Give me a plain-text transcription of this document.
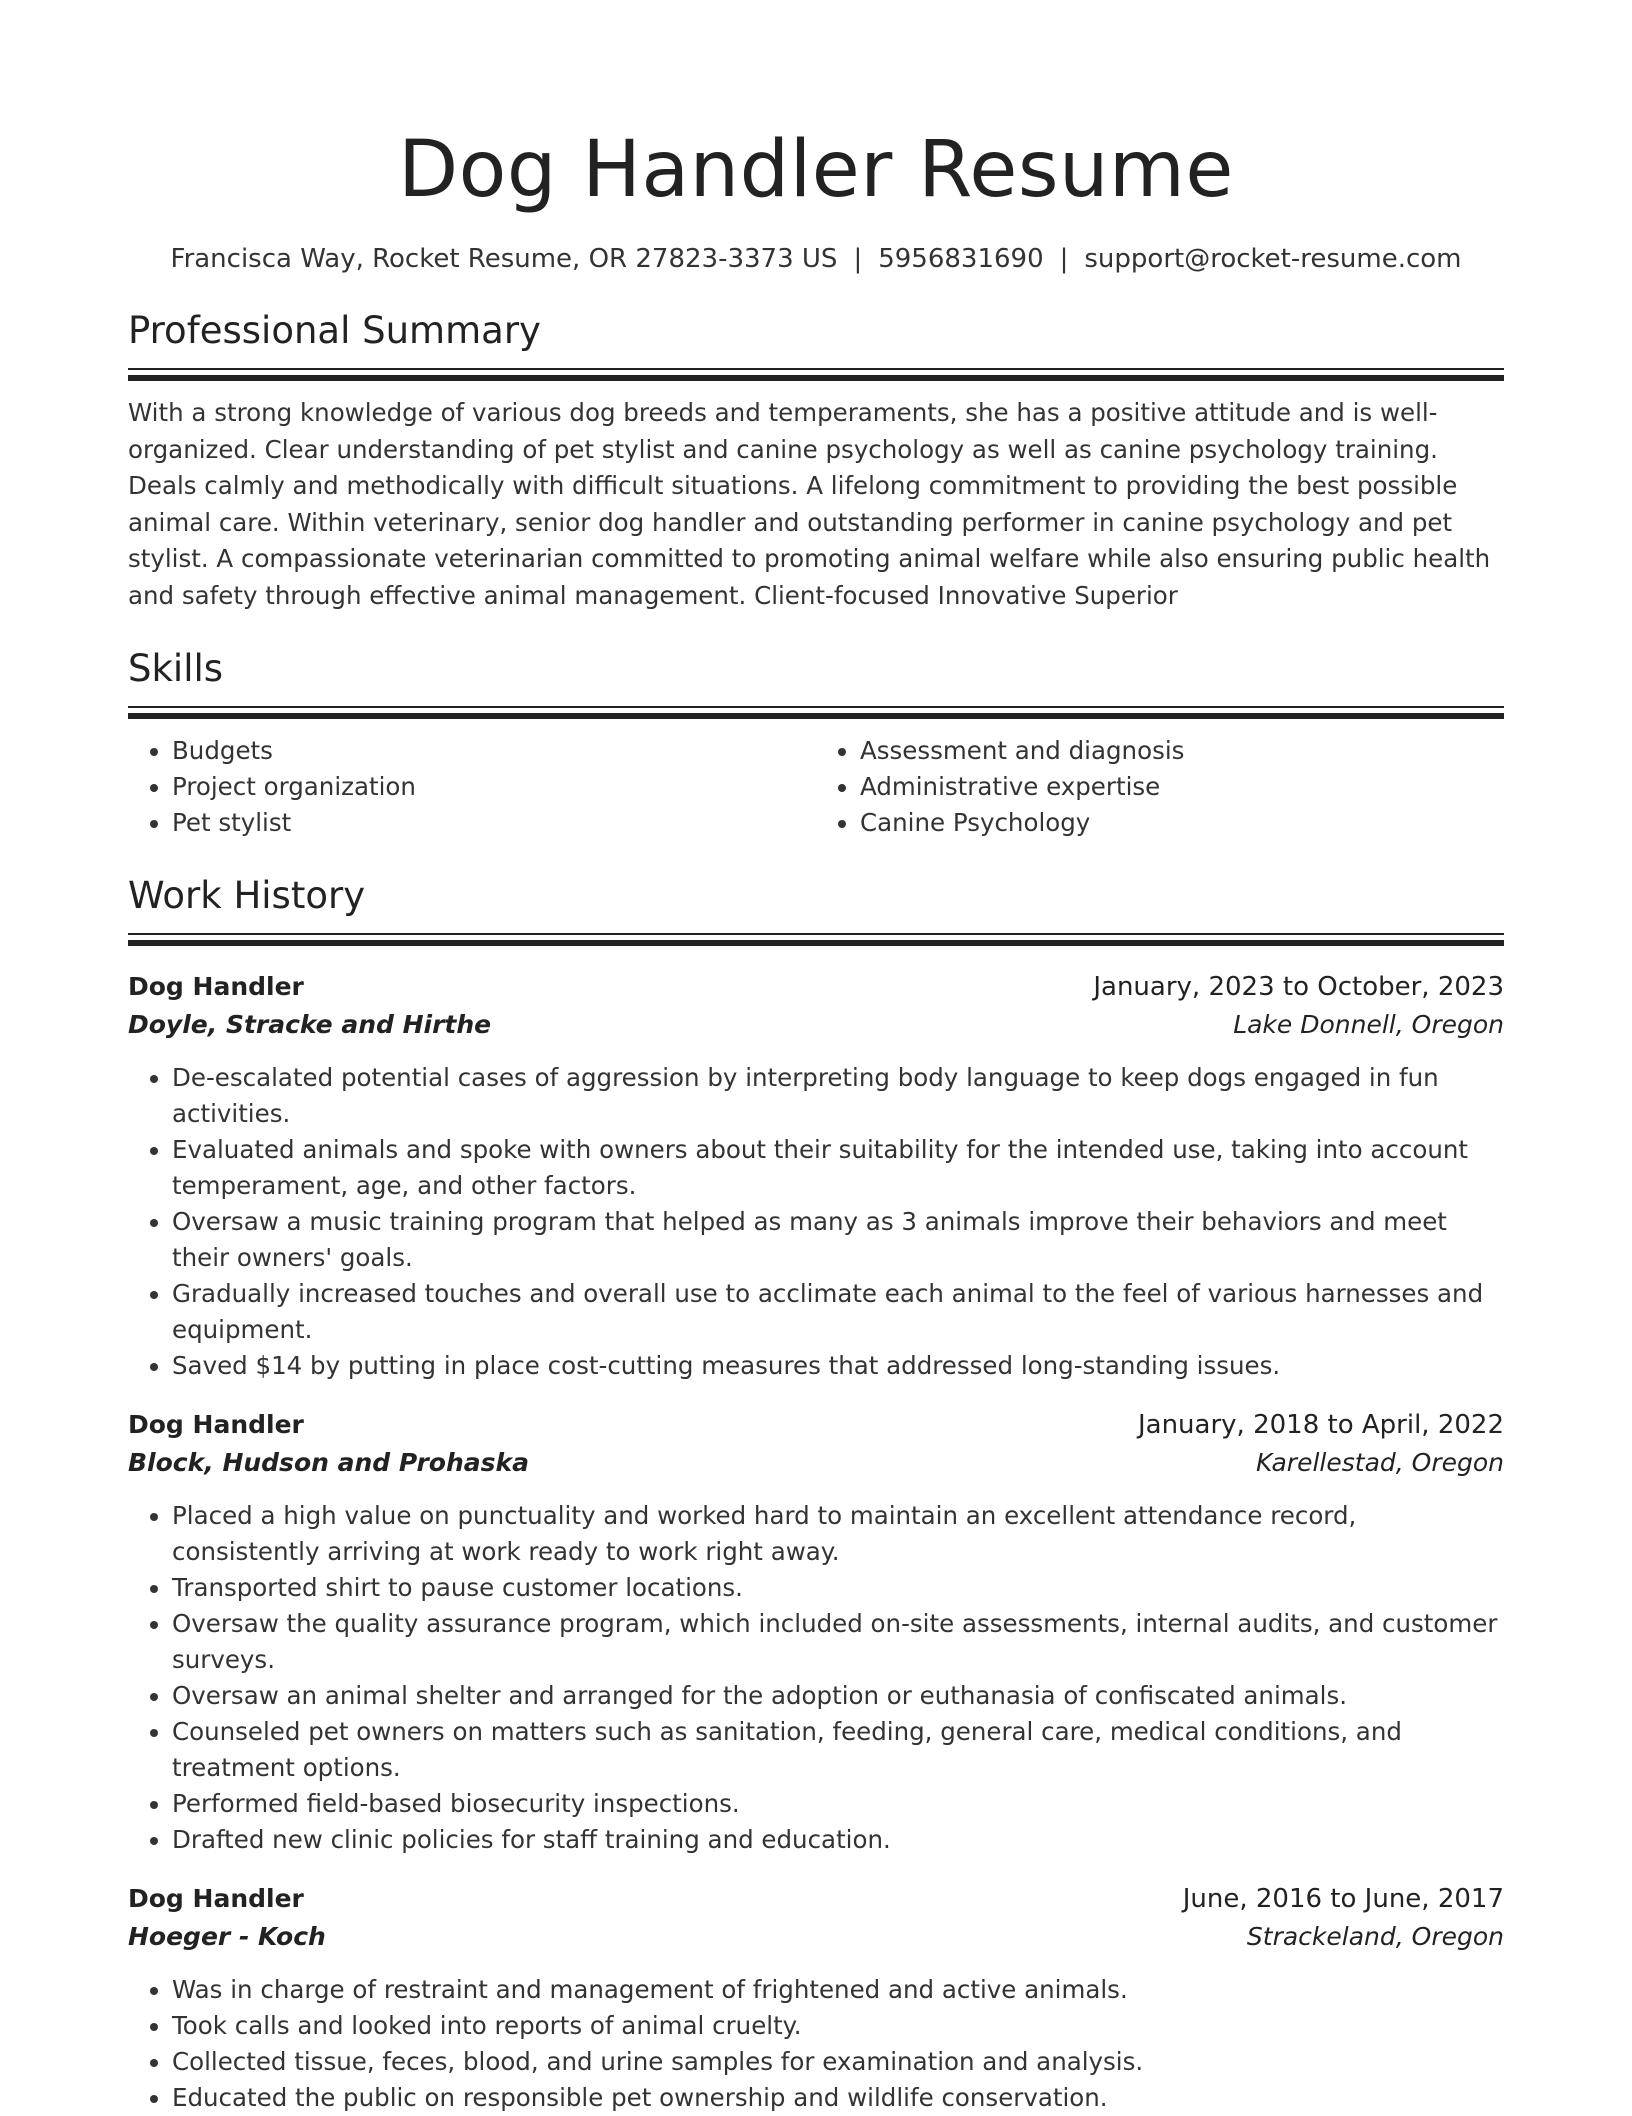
Dog Handler Resume
Francisca Way, Rocket Resume, OR 27823-3373 US | 5956831690 | support@rocket-resume.com
Professional Summary
With a strong knowledge of various dog breeds and temperaments, she has a positive attitude and is well-organized. Clear understanding of pet stylist and canine psychology as well as canine psychology training. Deals calmly and methodically with difficult situations. A lifelong commitment to providing the best possible animal care. Within veterinary, senior dog handler and outstanding performer in canine psychology and pet stylist. A compassionate veterinarian committed to promoting animal welfare while also ensuring public health and safety through effective animal management. Client-focused Innovative Superior
Skills
• Budgets
• Project organization
• Pet stylist
• Assessment and diagnosis
• Administrative expertise
• Canine Psychology
Work History
Dog Handler	January, 2023 to October, 2023
Doyle, Stracke and Hirthe	Lake Donnell, Oregon
• De-escalated potential cases of aggression by interpreting body language to keep dogs engaged in fun activities.
• Evaluated animals and spoke with owners about their suitability for the intended use, taking into account temperament, age, and other factors.
• Oversaw a music training program that helped as many as 3 animals improve their behaviors and meet their owners' goals.
• Gradually increased touches and overall use to acclimate each animal to the feel of various harnesses and equipment.
• Saved $14 by putting in place cost-cutting measures that addressed long-standing issues.
Dog Handler	January, 2018 to April, 2022
Block, Hudson and Prohaska	Karellestad, Oregon
• Placed a high value on punctuality and worked hard to maintain an excellent attendance record, consistently arriving at work ready to work right away.
• Transported shirt to pause customer locations.
• Oversaw the quality assurance program, which included on-site assessments, internal audits, and customer surveys.
• Oversaw an animal shelter and arranged for the adoption or euthanasia of confiscated animals.
• Counseled pet owners on matters such as sanitation, feeding, general care, medical conditions, and treatment options.
• Performed field-based biosecurity inspections.
• Drafted new clinic policies for staff training and education.
Dog Handler	June, 2016 to June, 2017
Hoeger - Koch	Strackeland, Oregon
• Was in charge of restraint and management of frightened and active animals.
• Took calls and looked into reports of animal cruelty.
• Collected tissue, feces, blood, and urine samples for examination and analysis.
• Educated the public on responsible pet ownership and wildlife conservation.
